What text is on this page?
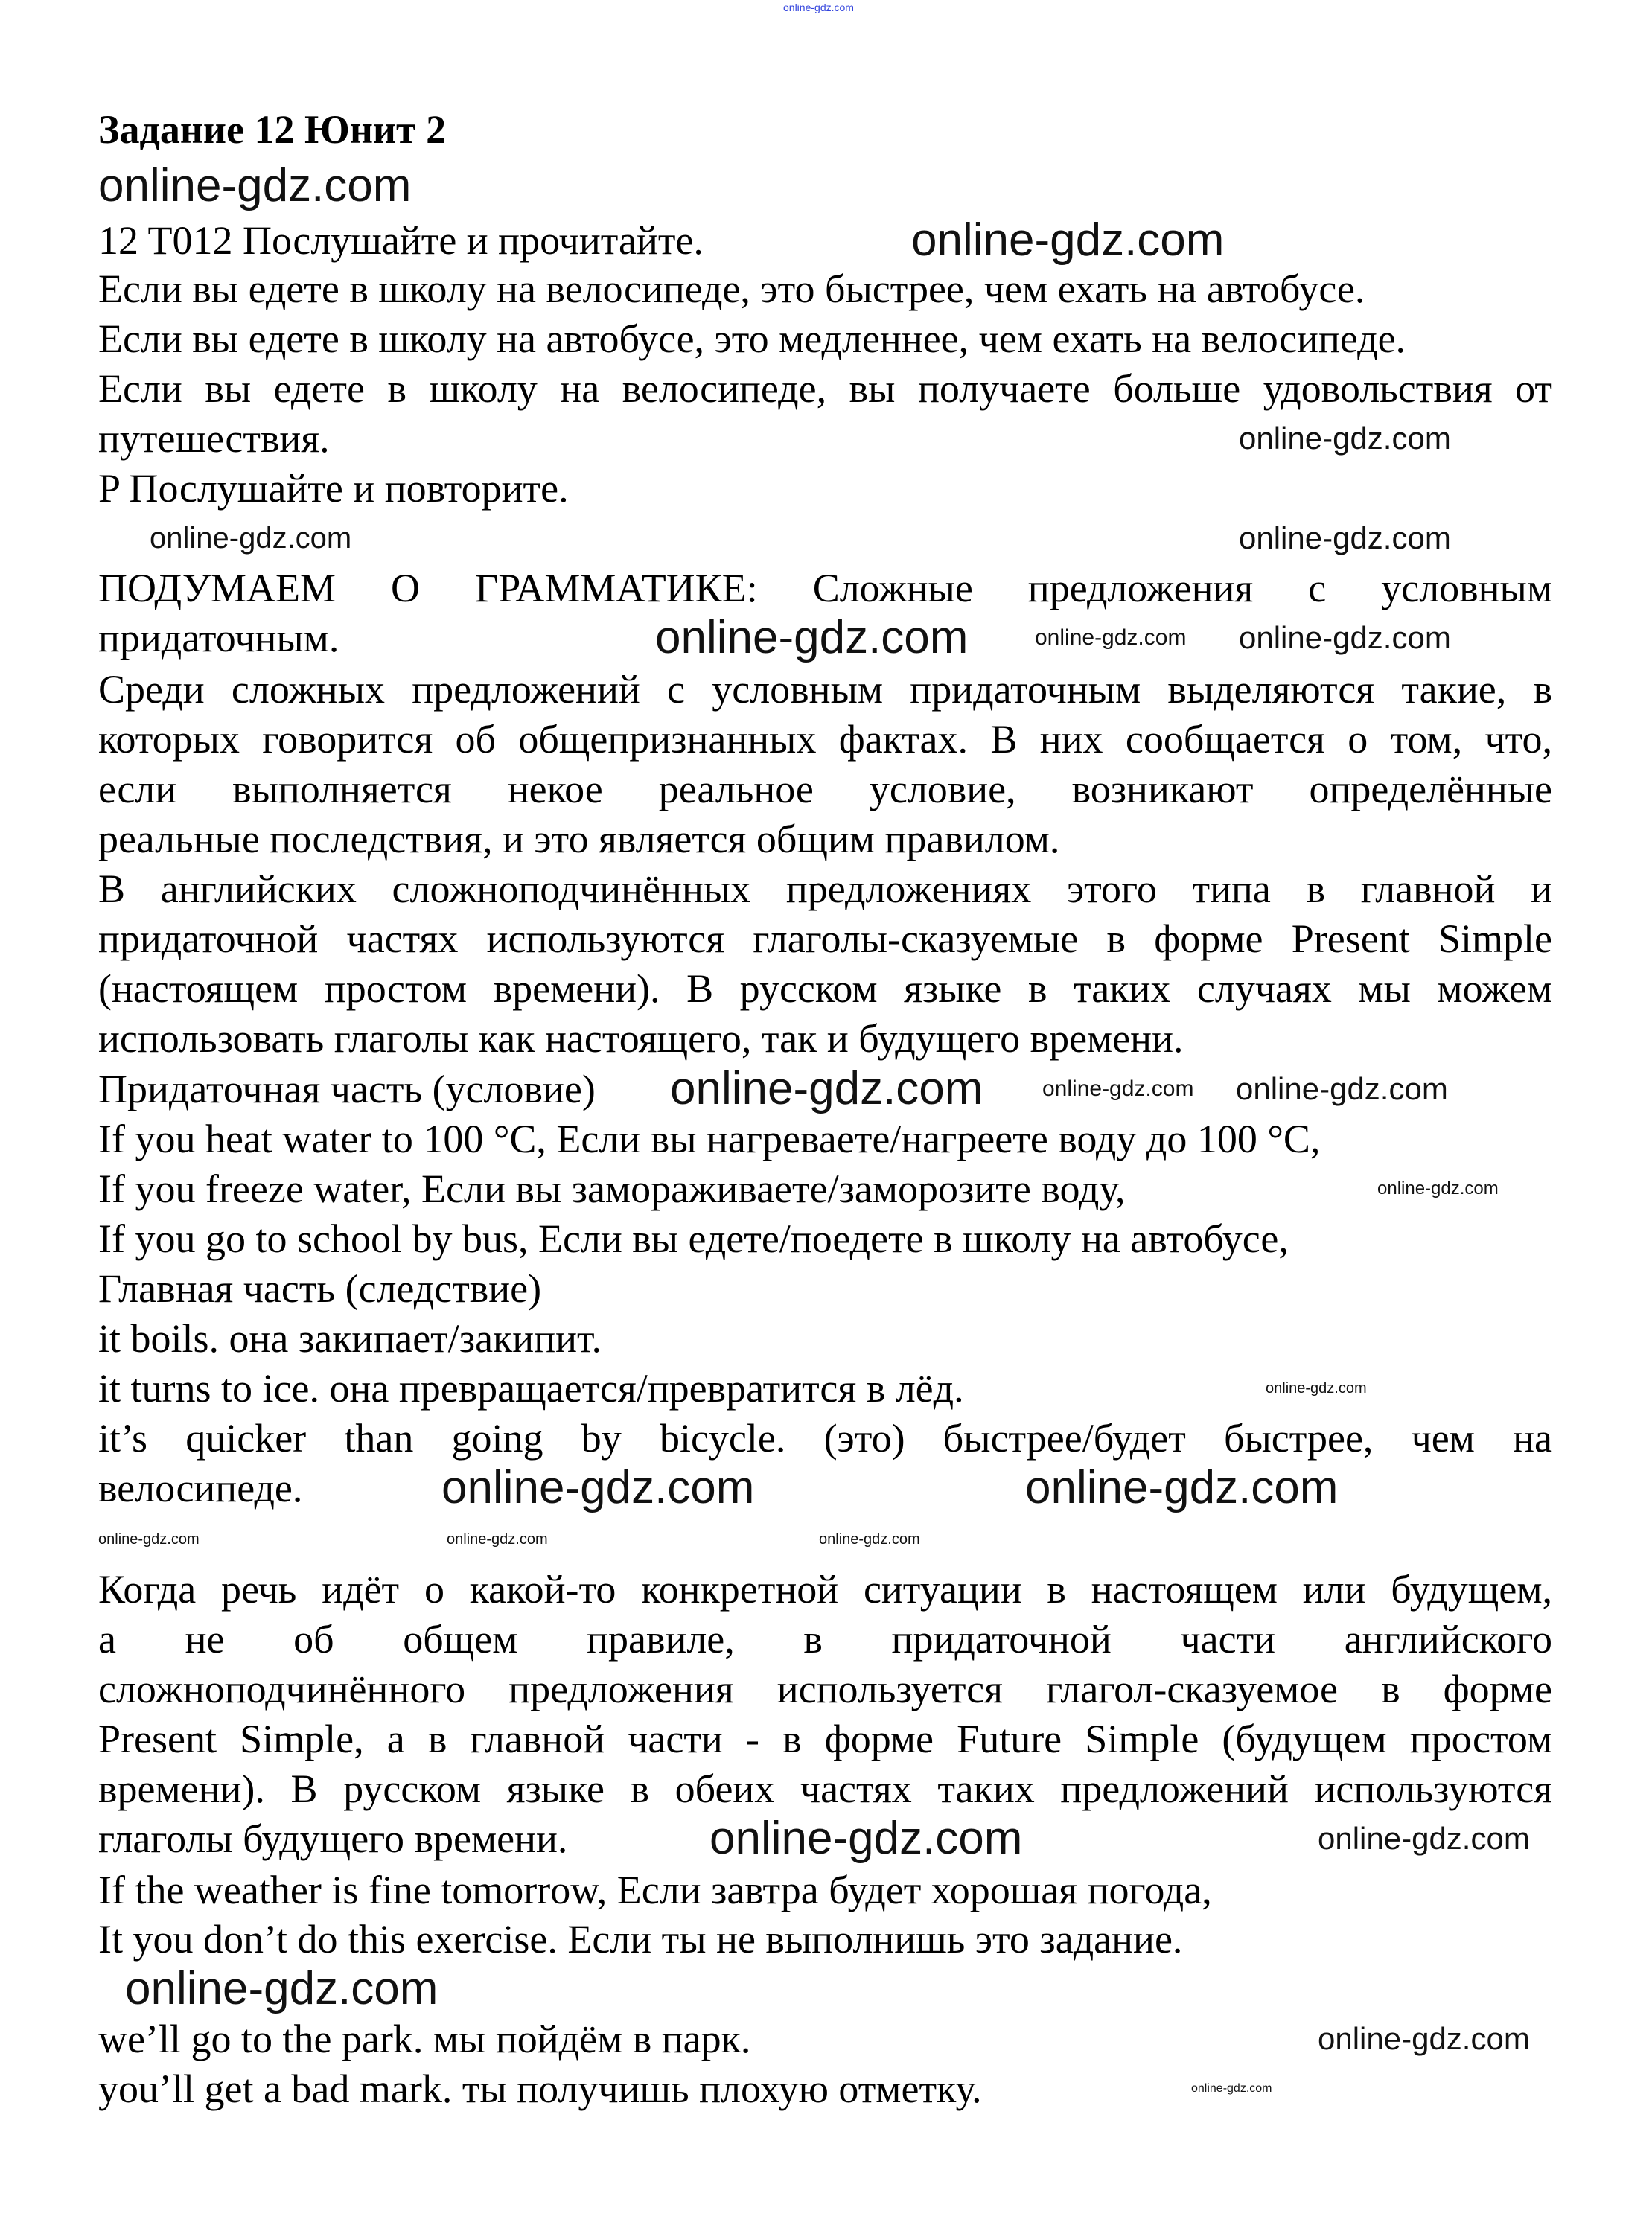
online-gdz.com
Задание 12 Юнит 2
12 T012 Послушайте и прочитайте.
Если вы едете в школу на велосипеде, это быстрее, чем ехать на автобусе.
Если вы едете в школу на автобусе, это медленнее, чем ехать на велосипеде.
Если вы едете в школу на велосипеде, вы получаете больше удовольствия от
путешествия.
P Послушайте и повторите.
ПОДУМАЕМ О ГРАММАТИКЕ: Сложные предложения с условным
придаточным.
Среди сложных предложений с условным придаточным выделяются такие, в
которых говорится об общепризнанных фактах. В них сообщается о том, что,
если выполняется некое реальное условие, возникают определённые
реальные последствия, и это является общим правилом.
В английских сложноподчинённых предложениях этого типа в главной и
придаточной частях используются глаголы-сказуемые в форме Present Simple
(настоящем простом времени). В русском языке в таких случаях мы можем
использовать глаголы как настоящего, так и будущего времени.
Придаточная часть (условие)
If you heat water to 100 °С, Если вы нагреваете/нагреете воду до 100 °С,
If you freeze water, Если вы замораживаете/заморозите воду,
If you go to school by bus, Если вы едете/поедете в школу на автобусе,
Главная часть (следствие)
it boils. она закипает/закипит.
it turns to ice. она превращается/превратится в лёд.
it’s quicker than going by bicycle. (это) быстрее/будет быстрее, чем на
велосипеде.
Когда речь идёт о какой-то конкретной ситуации в настоящем или будущем,
а не об общем правиле, в придаточной части английского
сложноподчинённого предложения используется глагол-сказуемое в форме
Present Simple, а в главной части - в форме Future Simple (будущем простом
времени). В русском языке в обеих частях таких предложений используются
глаголы будущего времени.
If the weather is fine tomorrow, Если завтра будет хорошая погода,
It you don’t do this exercise. Если ты не выполнишь это задание.
we’ll go to the park. мы пойдём в парк.
you’ll get a bad mark. ты получишь плохую отметку.
online-gdz.com
online-gdz.com
online-gdz.com
online-gdz.com	online-gdz.com
online-gdz.com	online-gdz.com online-gdz.com
online-gdz.com	online-gdz.com online-gdz.com
online-gdz.com
online-gdz.com
online-gdz.com	online-gdz.com
online-gdz.com	online-gdz.com	online-gdz.com
online-gdz.com	online-gdz.com
online-gdz.com
online-gdz.com
online-gdz.com
